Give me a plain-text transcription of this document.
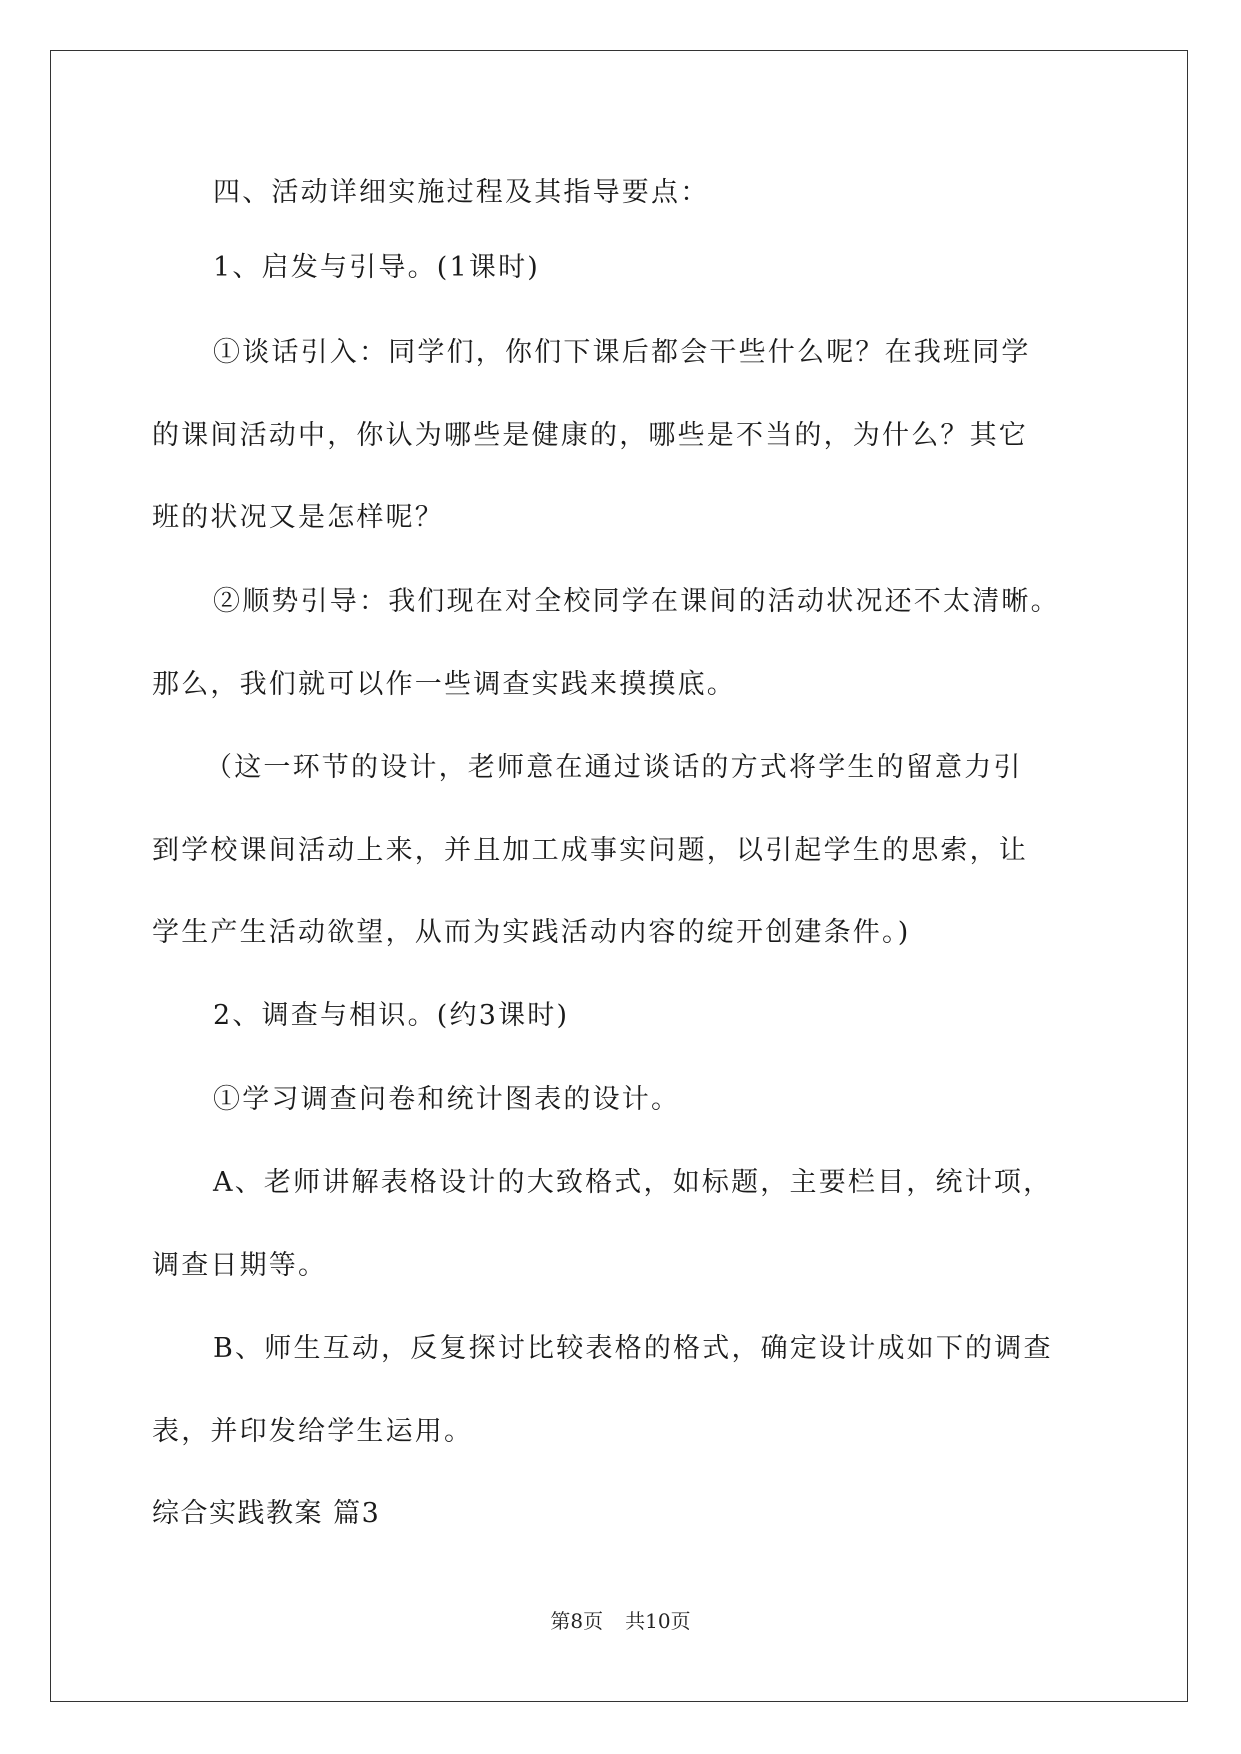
四、活动详细实施过程及其指导要点：
1、启发与引导。(1课时)
①谈话引入：同学们，你们下课后都会干些什么呢？在我班同学
的课间活动中，你认为哪些是健康的，哪些是不当的，为什么？其它
班的状况又是怎样呢？
②顺势引导：我们现在对全校同学在课间的活动状况还不太清晰。
那么，我们就可以作一些调查实践来摸摸底。
（这一环节的设计，老师意在通过谈话的方式将学生的留意力引
到学校课间活动上来，并且加工成事实问题，以引起学生的思索，让
学生产生活动欲望，从而为实践活动内容的绽开创建条件。)
2、调查与相识。(约3课时)
①学习调查问卷和统计图表的设计。
A、老师讲解表格设计的大致格式，如标题，主要栏目，统计项，
调查日期等。
B、师生互动，反复探讨比较表格的格式，确定设计成如下的调查
表，并印发给学生运用。
综合实践教案 篇3
第8页 共10页
